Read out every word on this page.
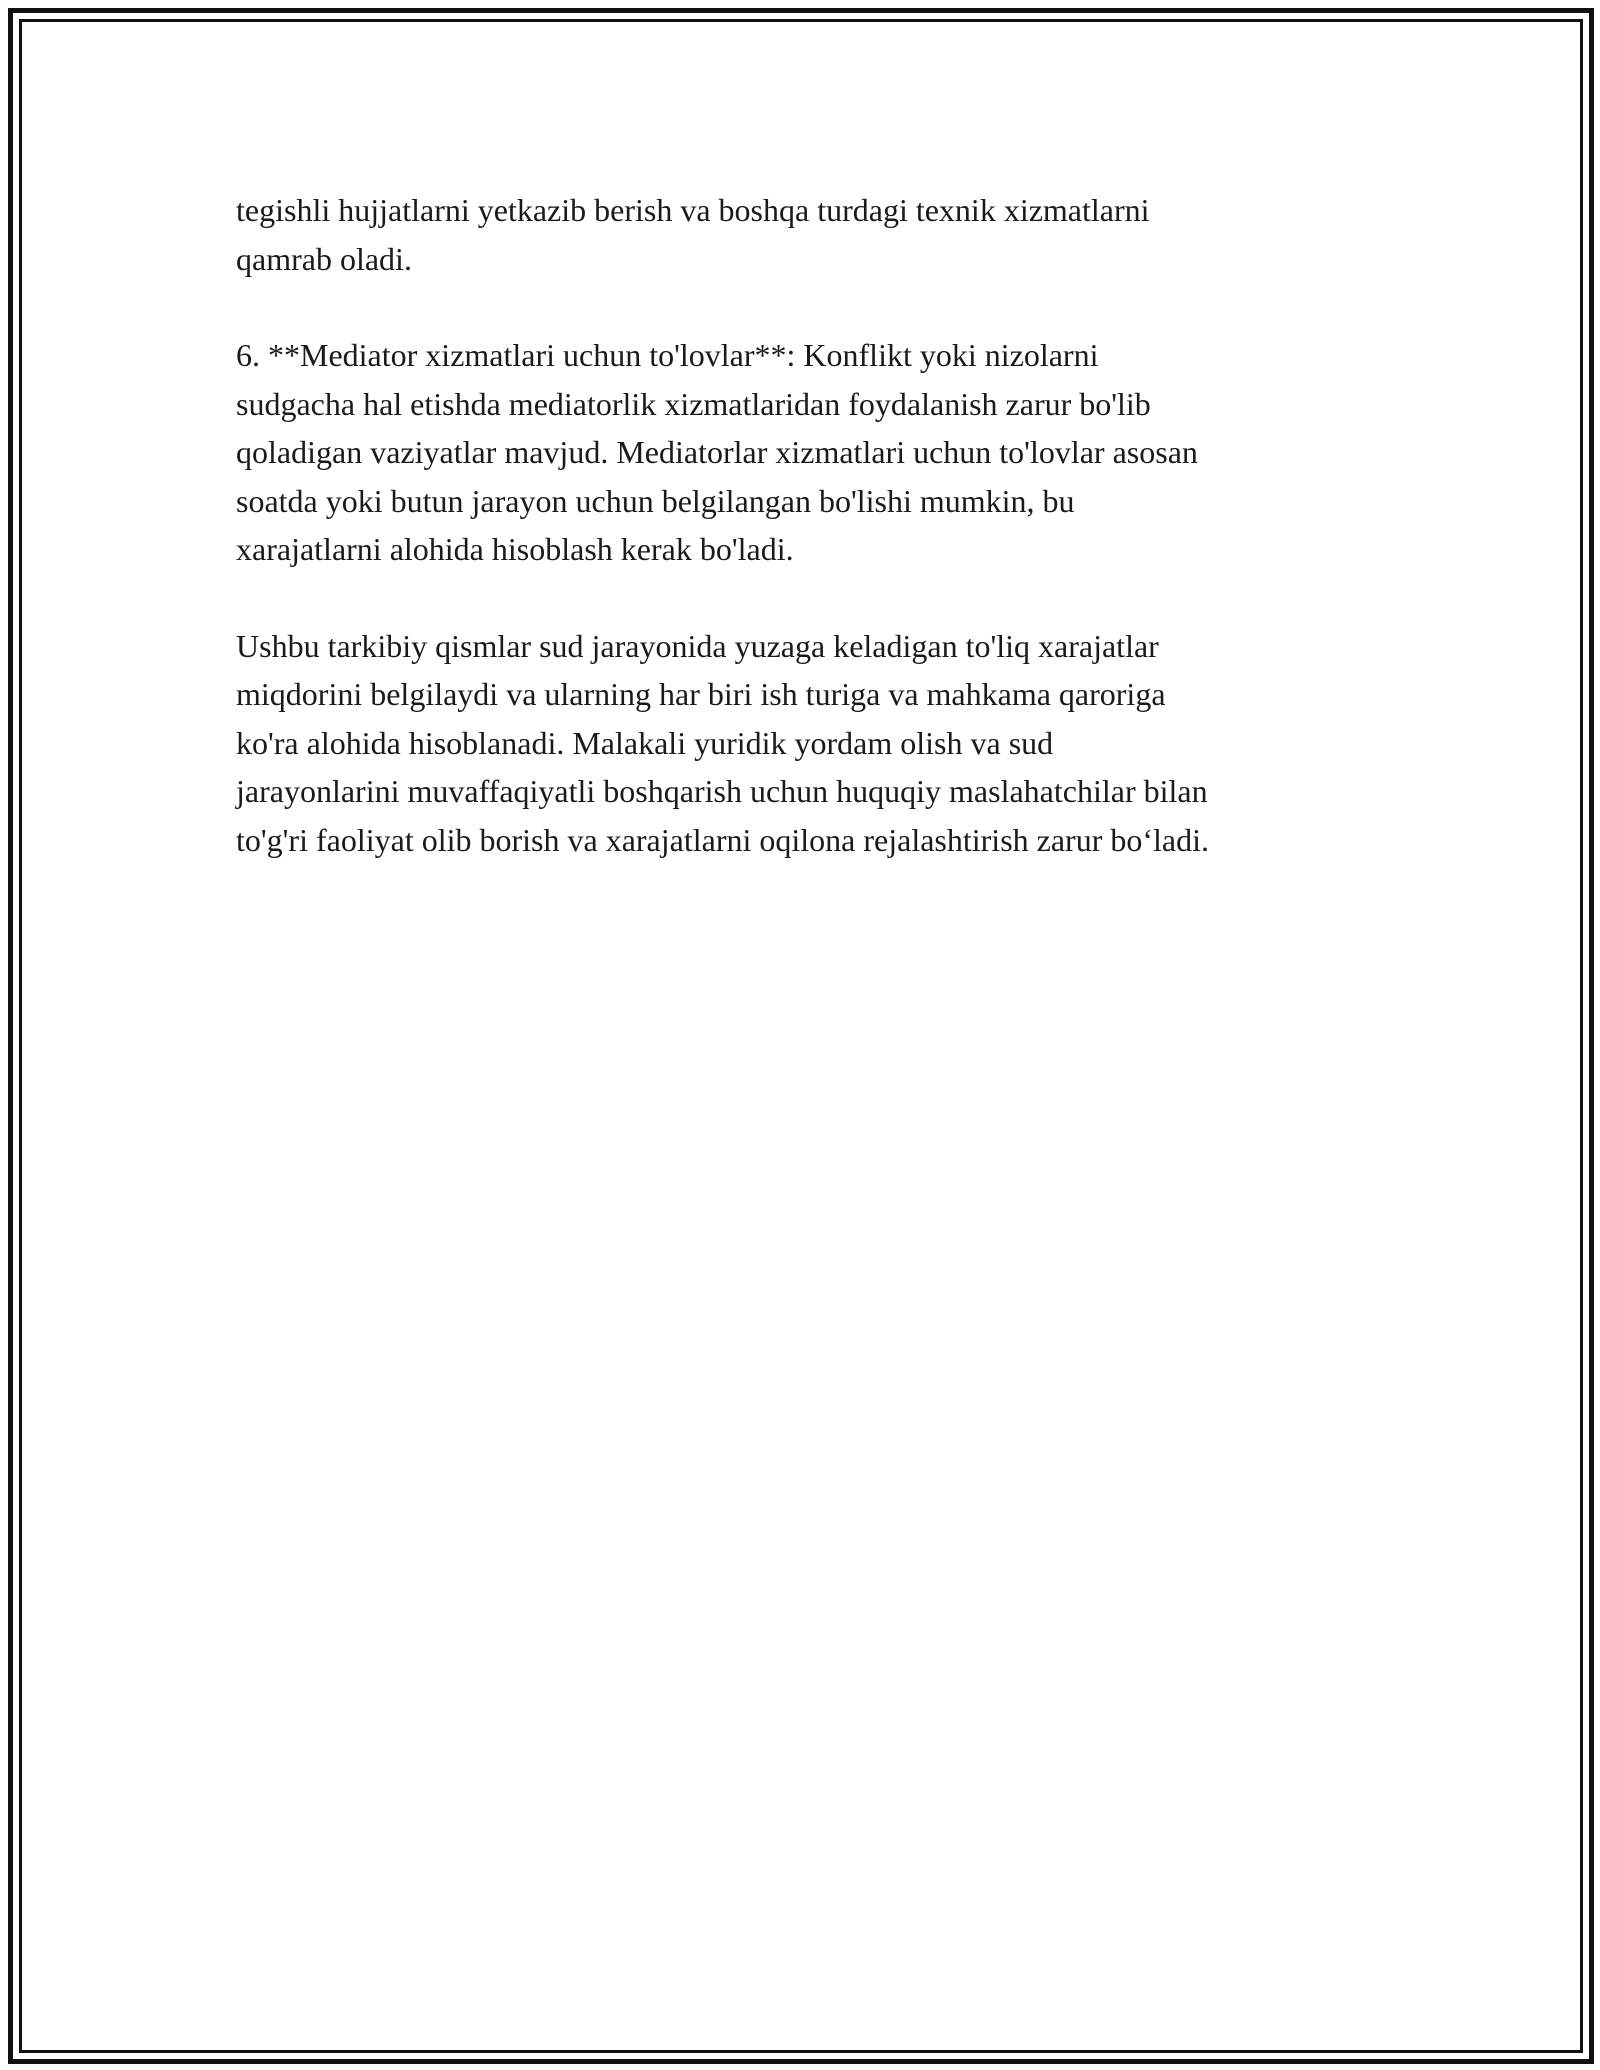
tegishli hujjatlarni yetkazib berish va boshqa turdagi texnik xizmatlarni
qamrab oladi.

6. **Mediator xizmatlari uchun to'lovlar**: Konflikt yoki nizolarni
sudgacha hal etishda mediatorlik xizmatlaridan foydalanish zarur bo'lib
qoladigan vaziyatlar mavjud. Mediatorlar xizmatlari uchun to'lovlar asosan
soatda yoki butun jarayon uchun belgilangan bo'lishi mumkin, bu
xarajatlarni alohida hisoblash kerak bo'ladi.

Ushbu tarkibiy qismlar sud jarayonida yuzaga keladigan to'liq xarajatlar
miqdorini belgilaydi va ularning har biri ish turiga va mahkama qaroriga
ko'ra alohida hisoblanadi. Malakali yuridik yordam olish va sud
jarayonlarini muvaffaqiyatli boshqarish uchun huquqiy maslahatchilar bilan
to'g'ri faoliyat olib borish va xarajatlarni oqilona rejalashtirish zarur bo‘ladi.
